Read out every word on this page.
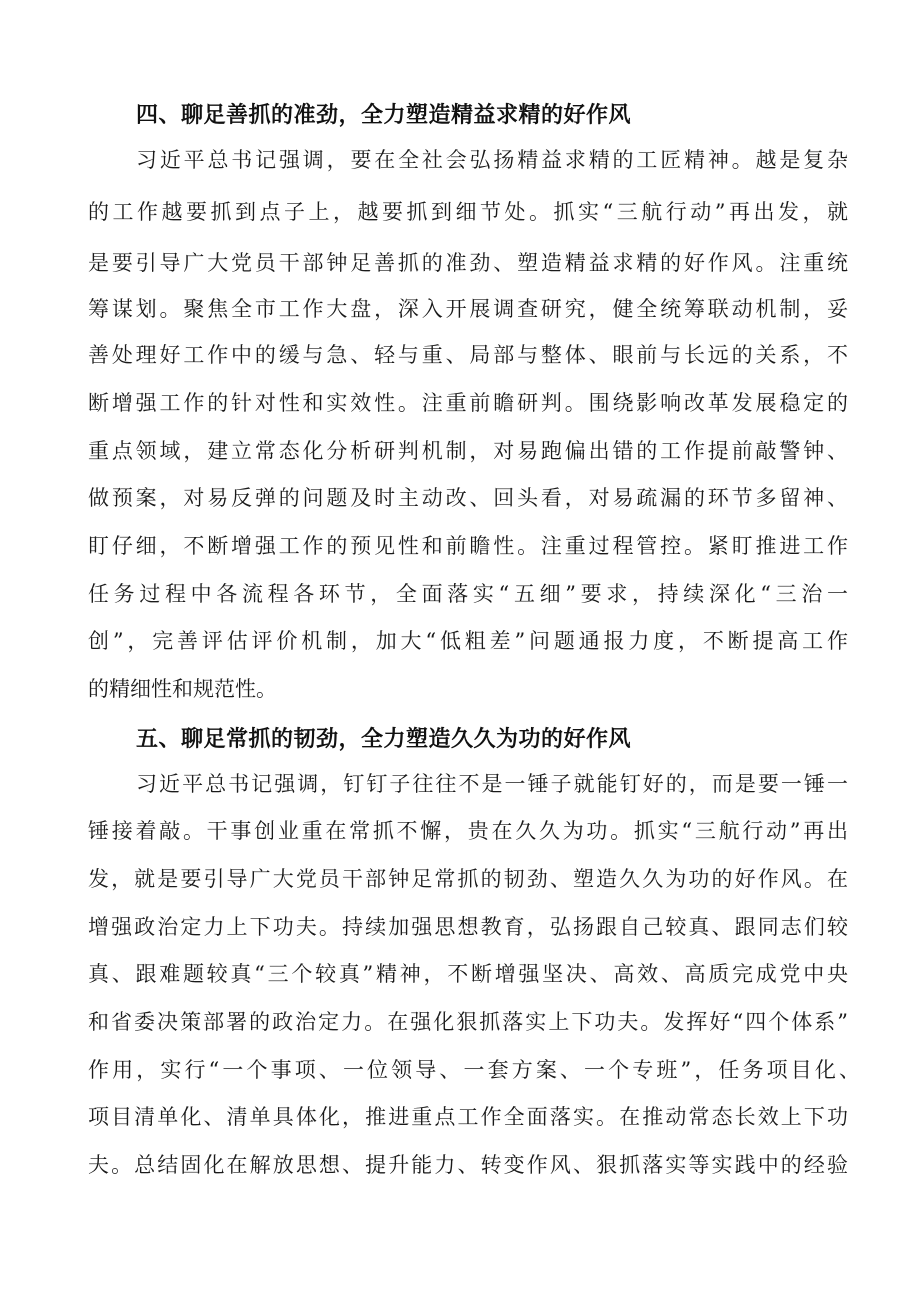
四、聊足善抓的准劲，全力塑造精益求精的好作风
习近平总书记强调，要在全社会弘扬精益求精的工匠精神。越是复杂
的工作越要抓到点子上，越要抓到细节处。抓实“三航行动”再出发，就
是要引导广大党员干部钟足善抓的准劲、塑造精益求精的好作风。注重统
筹谋划。聚焦全市工作大盘，深入开展调查研究，健全统筹联动机制，妥
善处理好工作中的缓与急、轻与重、局部与整体、眼前与长远的关系，不
断增强工作的针对性和实效性。注重前瞻研判。围绕影响改革发展稳定的
重点领域，建立常态化分析研判机制，对易跑偏出错的工作提前敲警钟、
做预案，对易反弹的问题及时主动改、回头看，对易疏漏的环节多留神、
盯仔细，不断增强工作的预见性和前瞻性。注重过程管控。紧盯推进工作
任务过程中各流程各环节，全面落实“五细”要求，持续深化“三治一
创”，完善评估评价机制，加大“低粗差”问题通报力度，不断提高工作
的精细性和规范性。
五、聊足常抓的韧劲，全力塑造久久为功的好作风
习近平总书记强调，钉钉子往往不是一锤子就能钉好的，而是要一锤一
锤接着敲。干事创业重在常抓不懈，贵在久久为功。抓实“三航行动”再出
发，就是要引导广大党员干部钟足常抓的韧劲、塑造久久为功的好作风。在
增强政治定力上下功夫。持续加强思想教育，弘扬跟自己较真、跟同志们较
真、跟难题较真“三个较真”精神，不断增强坚决、高效、高质完成党中央
和省委决策部署的政治定力。在强化狠抓落实上下功夫。发挥好“四个体系”
作用，实行“一个事项、一位领导、一套方案、一个专班”，任务项目化、
项目清单化、清单具体化，推进重点工作全面落实。在推动常态长效上下功
夫。总结固化在解放思想、提升能力、转变作风、狠抓落实等实践中的经验
